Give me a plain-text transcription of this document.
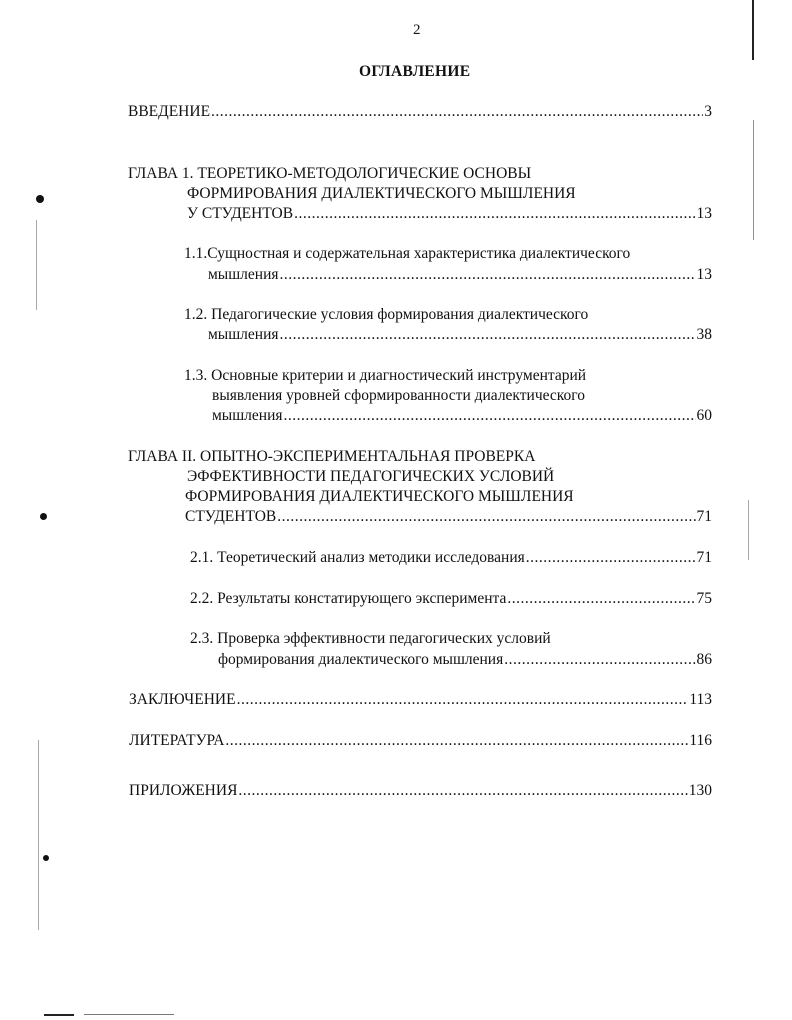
2
ОГЛАВЛЕНИЕ
ВВЕДЕНИЕ .....	3
ГЛАВА 1. ТЕОРЕТИКО-МЕТОДОЛОГИЧЕСКИЕ ОСНОВЫ
ФОРМИРОВАНИЯ ДИАЛЕКТИЧЕСКОГО МЫШЛЕНИЯ
У СТУДЕНТОВ .....	13
1.1.Сущностная и содержательная характеристика диалектического
мышления .....	13
1.2. Педагогические условия формирования диалектического
мышления .....	38
1.3. Основные критерии и диагностический инструментарий
выявления уровней сформированности диалектического
мышления .....	60
ГЛАВА II. ОПЫТНО-ЭКСПЕРИМЕНТАЛЬНАЯ ПРОВЕРКА
ЭФФЕКТИВНОСТИ ПЕДАГОГИЧЕСКИХ УСЛОВИЙ
ФОРМИРОВАНИЯ ДИАЛЕКТИЧЕСКОГО МЫШЛЕНИЯ
СТУДЕНТОВ .....	71
2.1. Теоретический анализ методики исследования .....	71
2.2. Результаты констатирующего эксперимента .....	75
2.3. Проверка эффективности педагогических условий
формирования диалектического мышления .....	86
ЗАКЛЮЧЕНИЕ .....	113
ЛИТЕРАТУРА .....	116
ПРИЛОЖЕНИЯ .....	130
